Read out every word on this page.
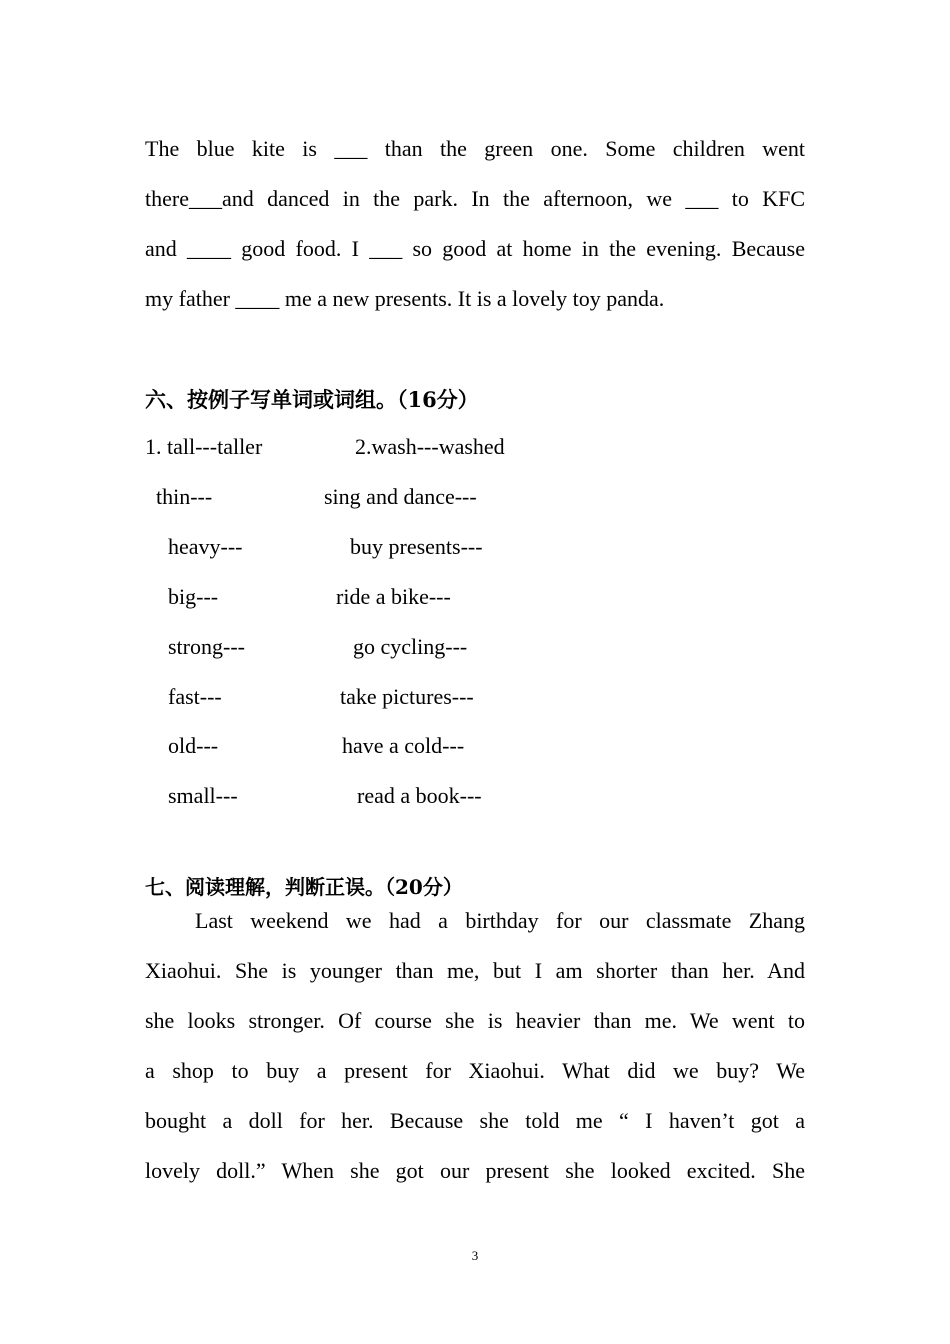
The blue kite is ___ than the green one. Some children went
there___and danced in the park. In the afternoon, we ___ to KFC
and ____ good food. I ___ so good at home in the evening. Because
my father ____ me a new presents. It is a lovely toy panda.
六、按例子写单词或词组。（16分）
1. tall---taller	2.wash---washed
thin---
heavy---
big---
strong---
fast---
old---
small---
sing and dance---
buy presents---
ride a bike---
go cycling---
take pictures---
have a cold---
read a book---
七、阅读理解，判断正误。（20分）
Last weekend we had a birthday for our classmate Zhang
Xiaohui. She is younger than me, but I am shorter than her. And
she looks stronger. Of course she is heavier than me. We went to
a shop to buy a present for Xiaohui. What did we buy? We
bought a doll for her. Because she told me “ I haven’t got a
lovely doll.” When she got our present she looked excited. She
3
